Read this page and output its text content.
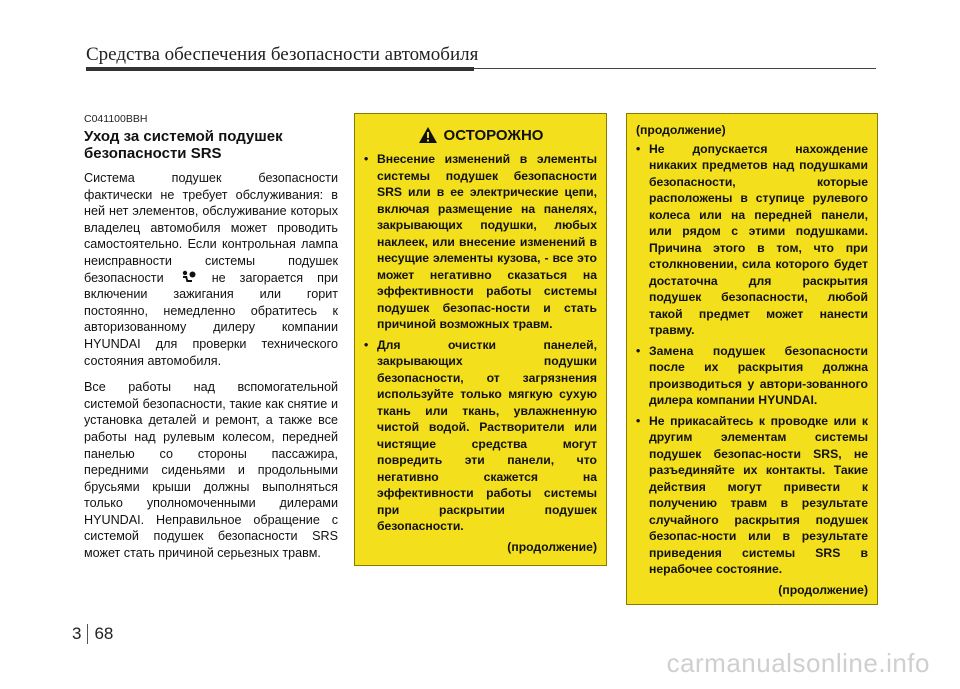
Средства обеспечения безопасности автомобиля
C041100BBH
Уход за системой подушек безопасности SRS

Система подушек безопасности фактически не требует обслуживания: в ней нет элементов, обслуживание которых владелец автомобиля может проводить самостоятельно. Если контрольная лампа неисправности системы подушек безопасности	не загорается при включении зажигания или горит постоянно, немедленно обратитесь к авторизованному дилеру компании HYUNDAI для проверки технического состояния автомобиля.

Все работы над вспомогательной системой безопасности, такие как снятие и установка деталей и ремонт, а также все работы над рулевым колесом, передней панелью со стороны пассажира, передними сиденьями и продольными брусьями крыши должны выполняться только уполномоченными дилерами HYUNDAI. Неправильное обращение с системой подушек безопасности SRS может стать причиной серьезных травм.

ОСТОРОЖНО
• Внесение изменений в элементы системы подушек безопасности SRS или в ее электрические цепи, включая размещение на панелях, закрывающих подушки, любых наклеек, или внесение изменений в несущие элементы кузова, - все это может негативно сказаться на эффективности работы системы подушек безопас-ности и стать причиной возможных травм.
• Для очистки панелей, закрывающих подушки безопасности, от загрязнения используйте только мягкую сухую ткань или ткань, увлажненную чистой водой. Растворители или чистящие средства могут повредить эти панели, что негативно скажется на эффективности работы системы при раскрытии подушек безопасности.
(продолжение)
(продолжение)
• Не допускается нахождение никаких предметов над подушками безопасности, которые расположены в ступице рулевого колеса или на передней панели, или рядом с этими подушками. Причина этого в том, что при столкновении, сила которого будет достаточна для раскрытия подушек безопасности, любой такой предмет может нанести травму.
• Замена подушек безопасности после их раскрытия должна производиться у автори-зованного дилера компании HYUNDAI.
• Не прикасайтесь к проводке или к другим элементам системы подушек безопас-ности SRS, не разъединяйте их контакты. Такие действия могут привести к получению травм в результате случайного раскрытия подушек безопас-ности или в результате приведения системы SRS в нерабочее состояние.
(продолжение)
3 68
carmanualsonline.info
